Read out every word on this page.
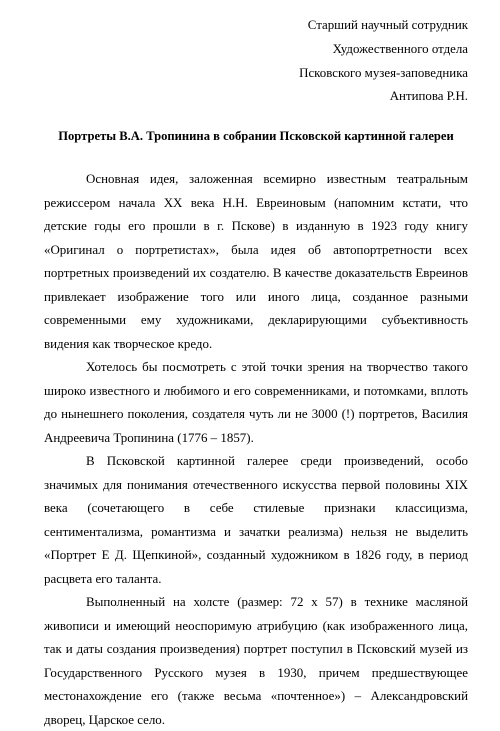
Старший научный сотрудник
Художественного отдела
Псковского музея-заповедника
Антипова Р.Н.
Портреты В.А. Тропинина в собрании Псковской картинной галереи

Основная идея, заложенная всемирно известным театральным режиссером начала XX века Н.Н. Евреиновым (напомним кстати, что детские годы его прошли в г. Пскове) в изданную в 1923 году книгу «Оригинал о портретистах», была идея об автопортретности всех портретных произведений их создателю. В качестве доказательств Евреинов привлекает изображение того или иного лица, созданное разными современными ему художниками, декларирующими субъективность видения как творческое кредо.

Хотелось бы посмотреть с этой точки зрения на творчество такого широко известного и любимого и его современниками, и потомками, вплоть до нынешнего поколения, создателя чуть ли не 3000 (!) портретов, Василия Андреевича Тропинина (1776 – 1857).

В Псковской картинной галерее среди произведений, особо значимых для понимания отечественного искусства первой половины XIX века (сочетающего в себе стилевые признаки классицизма, сентиментализма, романтизма и зачатки реализма) нельзя не выделить «Портрет Е Д. Щепкиной», созданный художником в 1826 году, в период расцвета его таланта.

Выполненный на холсте (размер: 72 х 57) в технике масляной живописи и имеющий неоспоримую атрибуцию (как изображенного лица, так и даты создания произведения) портрет поступил в Псковский музей из Государственного Русского музея в 1930, причем предшествующее местонахождение его (также весьма «почтенное») – Александровский дворец, Царское село.
